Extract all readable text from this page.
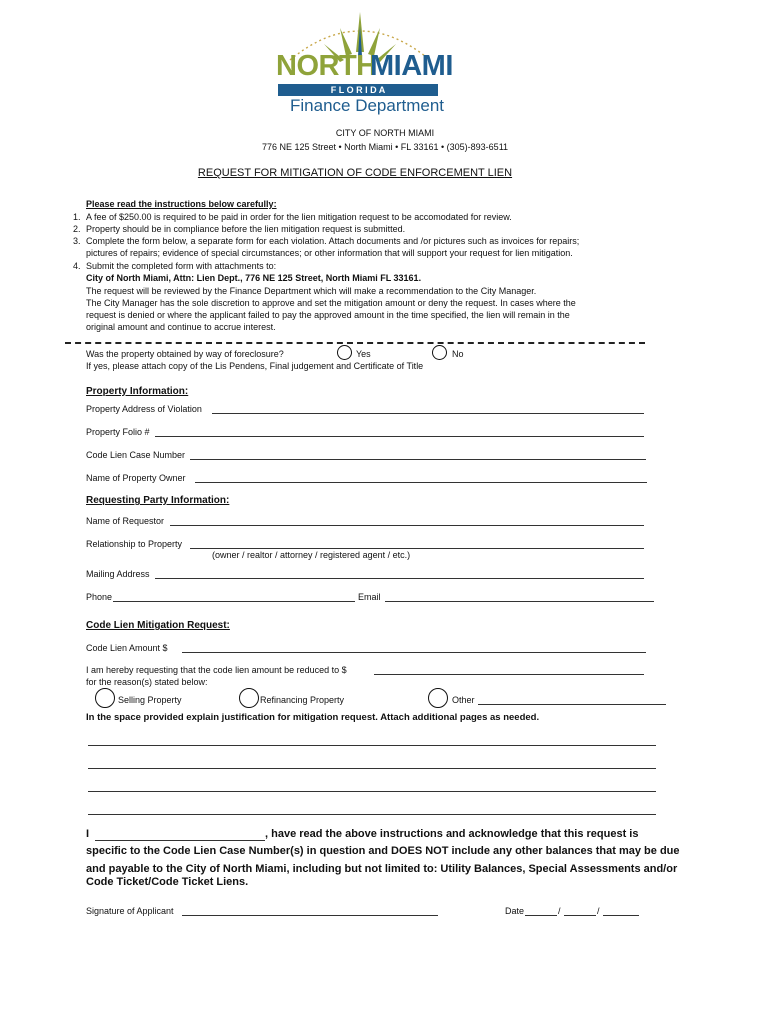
NORTH
MIAMI
F L O R I D A
Finance Department
CITY OF NORTH MIAMI
776 NE 125 Street • North Miami • FL 33161 • (305)-893-6511
REQUEST FOR MITIGATION OF CODE ENFORCEMENT LIEN
Please read the instructions below carefully:
1. A fee of $250.00 is required to be paid in order for the lien mitigation request to be accomodated for review.
2. Property should be in compliance before the lien mitigation request is submitted.
3. Complete the form below, a separate form for each violation. Attach documents and /or pictures such as invoices for repairs;
pictures of repairs; evidence of special circumstances; or other information that will support your request for lien mitigation.
4. Submit the completed form with attachments to:
City of North Miami, Attn: Lien Dept., 776 NE 125 Street, North Miami FL 33161.
The request will be reviewed by the Finance Department which will make a recommendation to the City Manager.
The City Manager has the sole discretion to approve and set the mitigation amount or deny the request. In cases where the
request is denied or where the applicant failed to pay the approved amount in the time specified, the lien will remain in the
original amount and continue to accrue interest.
Was the property obtained by way of foreclosure?	Yes	No
If yes, please attach copy of the Lis Pendens, Final judgement and Certificate of Title
Property Information:
Property Address of Violation
Property Folio #
Code Lien Case Number
Name of Property Owner
Requesting Party Information:
Name of Requestor
Relationship to Property
(owner / realtor / attorney / registered agent / etc.)
Mailing Address
Phone	Email
Code Lien Mitigation Request:
Code Lien Amount $
I am hereby requesting that the code lien amount be reduced to $
for the reason(s) stated below:
Selling Property	Refinancing Property	Other
In the space provided explain justification for mitigation request. Attach additional pages as needed.
I	, have read the above instructions and acknowledge that this request is
specific to the Code Lien Case Number(s) in question and DOES NOT include any other balances that may be due
and payable to the City of North Miami, including but not limited to: Utility Balances, Special Assessments and/or
Code Ticket/Code Ticket Liens.
Signature of Applicant	Date	/	/
